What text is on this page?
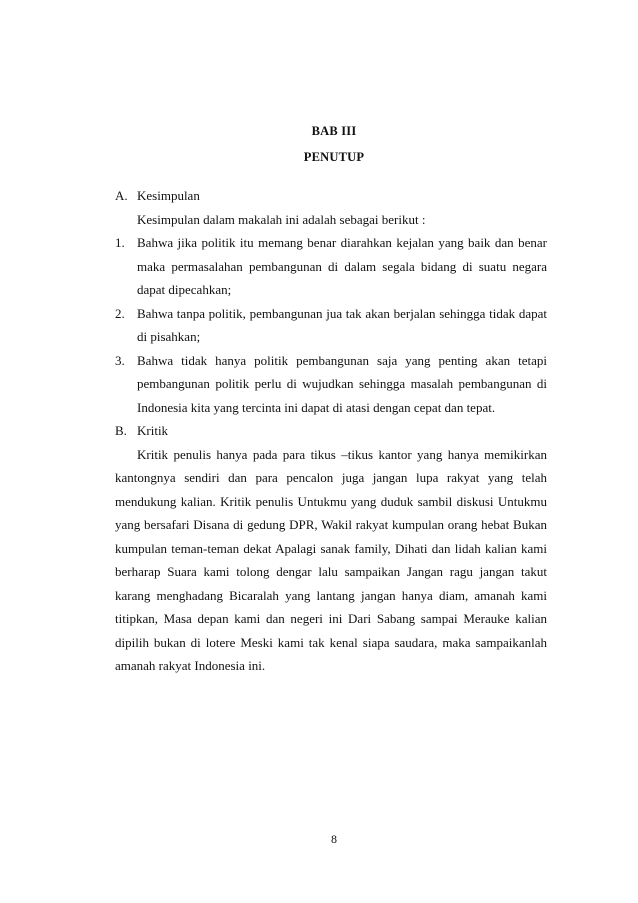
BAB III
PENUTUP
A. Kesimpulan
Kesimpulan dalam makalah ini adalah sebagai berikut :
1. Bahwa jika politik itu memang benar diarahkan kejalan yang baik dan benar maka permasalahan pembangunan di dalam segala bidang di suatu negara dapat dipecahkan;
2. Bahwa tanpa politik, pembangunan jua tak akan berjalan sehingga tidak dapat di pisahkan;
3. Bahwa tidak hanya politik pembangunan saja yang penting akan tetapi pembangunan politik perlu di wujudkan sehingga masalah pembangunan di Indonesia kita yang tercinta ini dapat di atasi dengan cepat dan tepat.
B. Kritik
Kritik penulis hanya pada para tikus –tikus kantor yang hanya memikirkan kantongnya sendiri dan para pencalon juga jangan lupa rakyat yang telah mendukung kalian. Kritik penulis Untukmu yang duduk sambil diskusi Untukmu yang bersafari Disana di gedung DPR, Wakil rakyat kumpulan orang hebat Bukan kumpulan teman-teman dekat Apalagi sanak family, Dihati dan lidah kalian kami berharap Suara kami tolong dengar lalu sampaikan Jangan ragu jangan takut karang menghadang Bicaralah yang lantang jangan hanya diam, amanah kami titipkan, Masa depan kami dan negeri ini Dari Sabang sampai Merauke kalian dipilih bukan di lotere Meski kami tak kenal siapa saudara, maka sampaikanlah amanah rakyat Indonesia ini.
8
